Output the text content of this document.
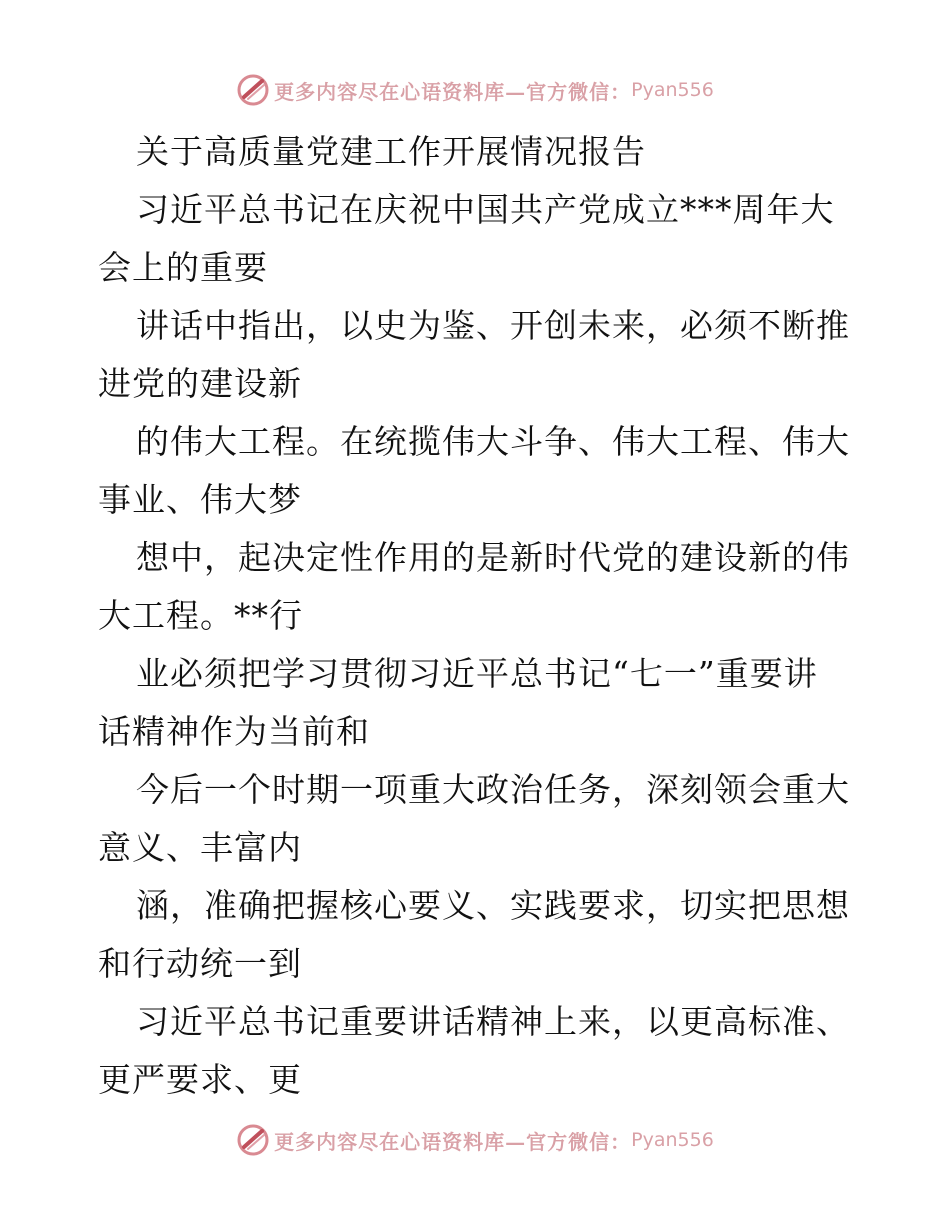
更多内容尽在心语资料库—官方微信： Pyan556
关于高质量党建工作开展情况报告
习近平总书记在庆祝中国共产党成立***周年大
会上的重要
讲话中指出，以史为鉴、开创未来，必须不断推
进党的建设新
的伟大工程。在统揽伟大斗争、伟大工程、伟大
事业、伟大梦
想中，起决定性作用的是新时代党的建设新的伟
大工程。**行
业必须把学习贯彻习近平总书记“七一”重要讲
话精神作为当前和
今后一个时期一项重大政治任务，深刻领会重大
意义、丰富内
涵，准确把握核心要义、实践要求，切实把思想
和行动统一到
习近平总书记重要讲话精神上来，以更高标准、
更严要求、更
更多内容尽在心语资料库—官方微信： Pyan556
